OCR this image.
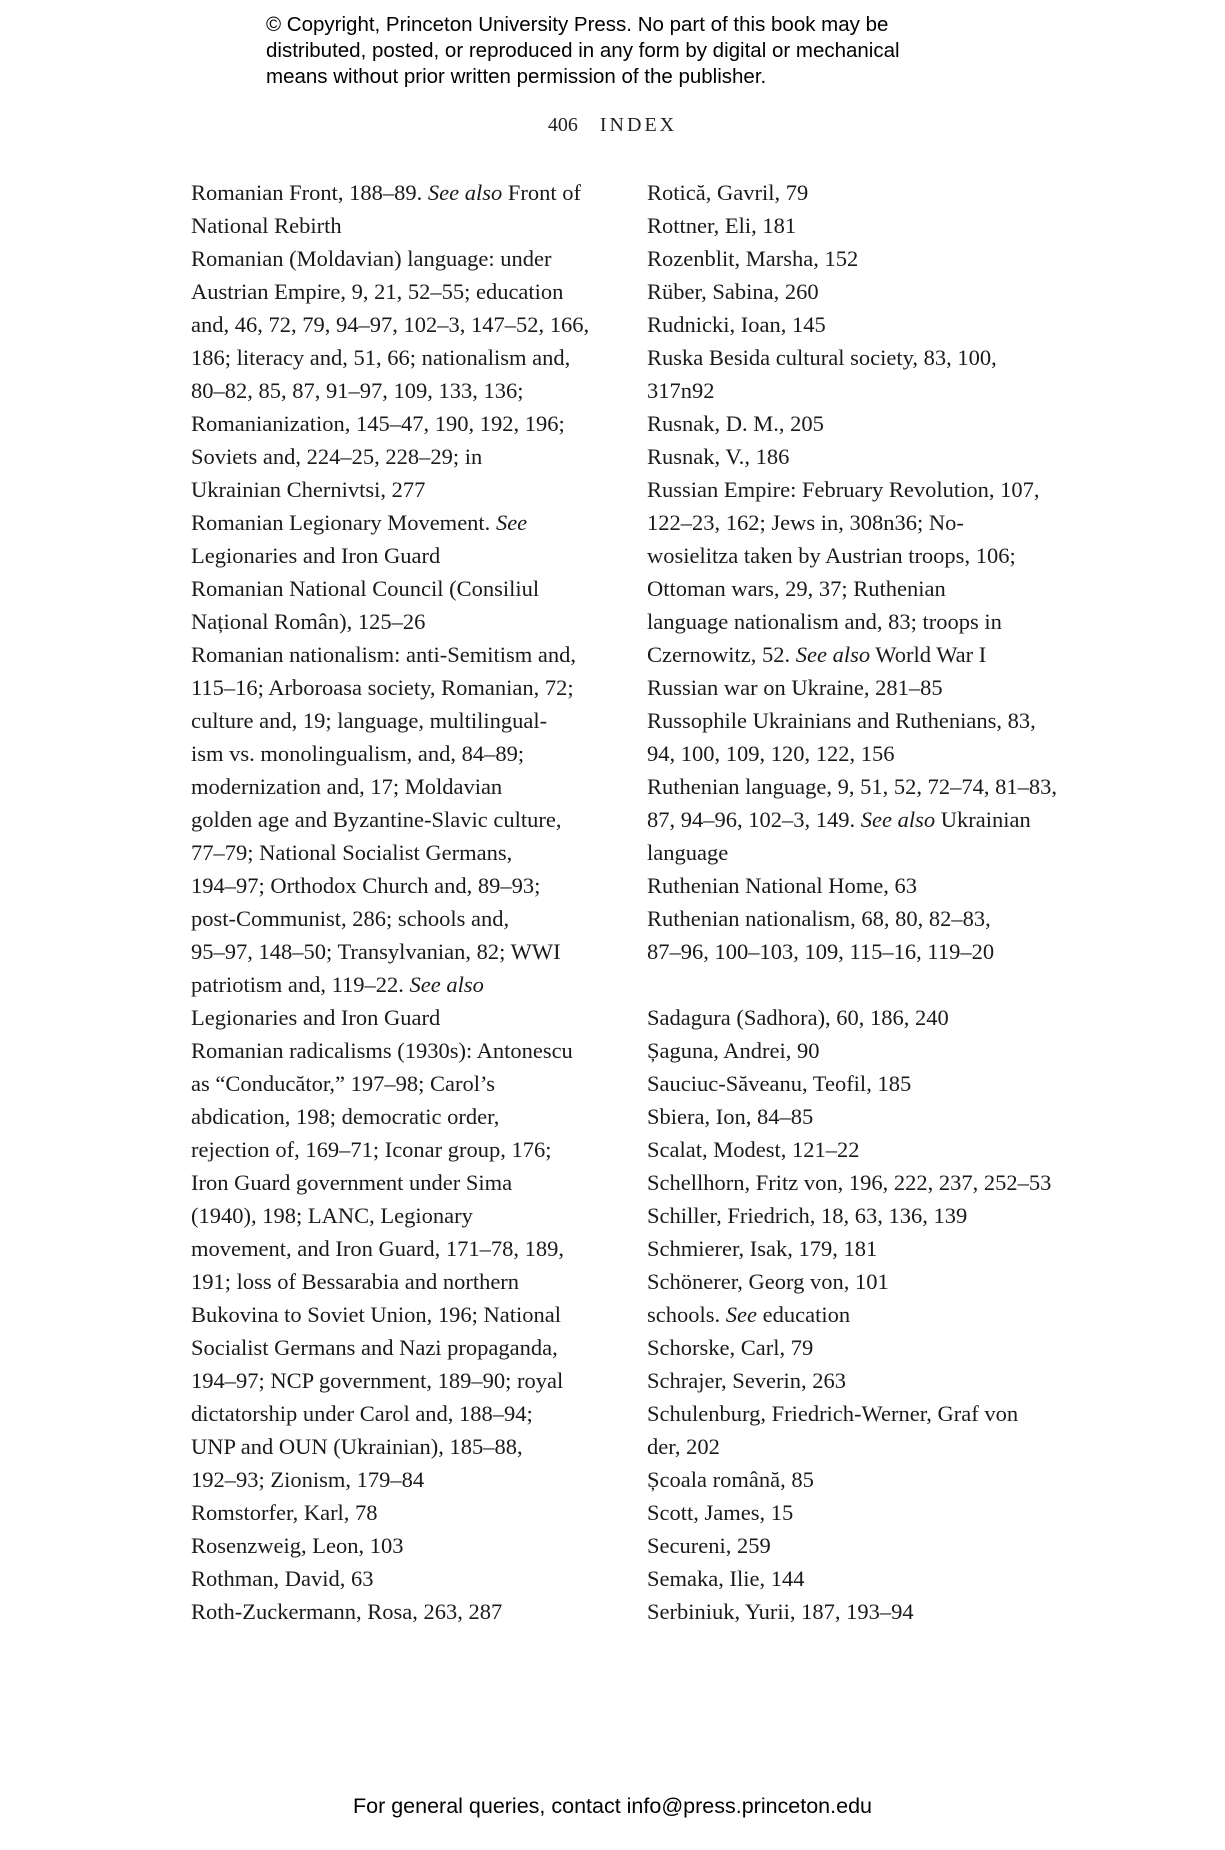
© Copyright, Princeton University Press. No part of this book may be
distributed, posted, or reproduced in any form by digital or mechanical
means without prior written permission of the publisher.
406 INDEX
Romanian Front, 188–89. See also Front of
National Rebirth
Romanian (Moldavian) language: under
Austrian Empire, 9, 21, 52–55; education
and, 46, 72, 79, 94–97, 102–3, 147–52, 166,
186; literacy and, 51, 66; nationalism and,
80–82, 85, 87, 91–97, 109, 133, 136;
Romanianization, 145–47, 190, 192, 196;
Soviets and, 224–25, 228–29; in
Ukrainian Chernivtsi, 277
Romanian Legionary Movement. See
Legionaries and Iron Guard
Romanian National Council (Consiliul
Național Român), 125–26
Romanian nationalism: anti-Semitism and,
115–16; Arboroasa society, Romanian, 72;
culture and, 19; language, multilingual-
ism vs. monolingualism, and, 84–89;
modernization and, 17; Moldavian
golden age and Byzantine-Slavic culture,
77–79; National Socialist Germans,
194–97; Orthodox Church and, 89–93;
post-Communist, 286; schools and,
95–97, 148–50; Transylvanian, 82; WWI
patriotism and, 119–22. See also
Legionaries and Iron Guard
Romanian radicalisms (1930s): Antonescu
as “Conducător,” 197–98; Carol’s
abdication, 198; democratic order,
rejection of, 169–71; Iconar group, 176;
Iron Guard government under Sima
(1940), 198; LANC, Legionary
movement, and Iron Guard, 171–78, 189,
191; loss of Bessarabia and northern
Bukovina to Soviet Union, 196; National
Socialist Germans and Nazi propaganda,
194–97; NCP government, 189–90; royal
dictatorship under Carol and, 188–94;
UNP and OUN (Ukrainian), 185–88,
192–93; Zionism, 179–84
Romstorfer, Karl, 78
Rosenzweig, Leon, 103
Rothman, David, 63
Roth-Zuckermann, Rosa, 263, 287
Rotică, Gavril, 79
Rottner, Eli, 181
Rozenblit, Marsha, 152
Rüber, Sabina, 260
Rudnicki, Ioan, 145
Ruska Besida cultural society, 83, 100,
317n92
Rusnak, D. M., 205
Rusnak, V., 186
Russian Empire: February Revolution, 107,
122–23, 162; Jews in, 308n36; No-
wosielitza taken by Austrian troops, 106;
Ottoman wars, 29, 37; Ruthenian
language nationalism and, 83; troops in
Czernowitz, 52. See also World War I
Russian war on Ukraine, 281–85
Russophile Ukrainians and Ruthenians, 83,
94, 100, 109, 120, 122, 156
Ruthenian language, 9, 51, 52, 72–74, 81–83,
87, 94–96, 102–3, 149. See also Ukrainian
language
Ruthenian National Home, 63
Ruthenian nationalism, 68, 80, 82–83,
87–96, 100–103, 109, 115–16, 119–20
Sadagura (Sadhora), 60, 186, 240
Șaguna, Andrei, 90
Sauciuc-Săveanu, Teofil, 185
Sbiera, Ion, 84–85
Scalat, Modest, 121–22
Schellhorn, Fritz von, 196, 222, 237, 252–53
Schiller, Friedrich, 18, 63, 136, 139
Schmierer, Isak, 179, 181
Schönerer, Georg von, 101
schools. See education
Schorske, Carl, 79
Schrajer, Severin, 263
Schulenburg, Friedrich-Werner, Graf von
der, 202
Școala română, 85
Scott, James, 15
Secureni, 259
Semaka, Ilie, 144
Serbiniuk, Yurii, 187, 193–94
For general queries, contact info@press.princeton.edu
